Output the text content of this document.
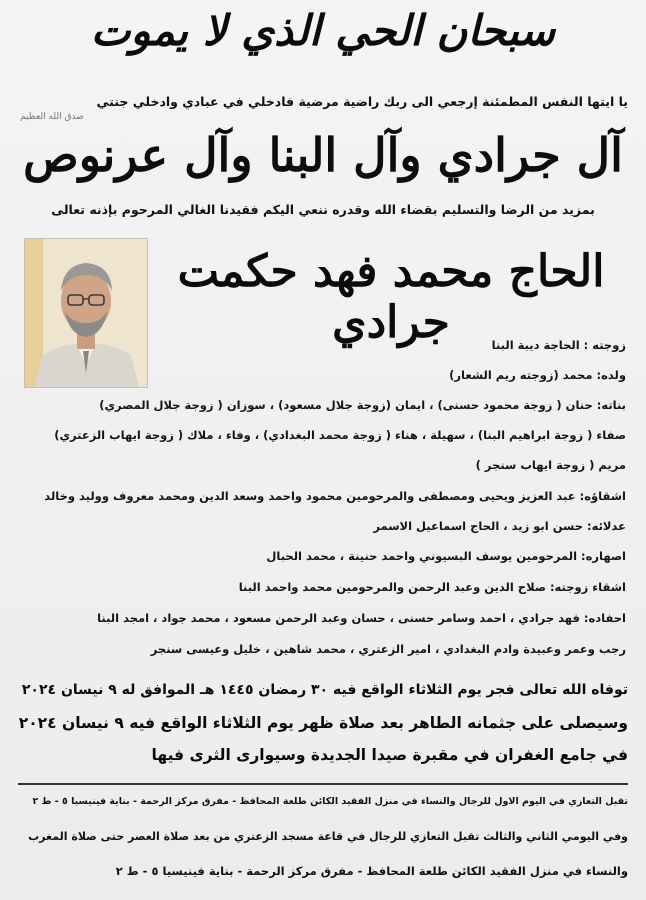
سبحان الحي الذي لا يموت
يا ايتها النفس المطمئنة إرجعي الى ربك راضية مرضية فادخلي في عبادي وادخلي جنتي
صدق الله العظيم
آل جرادي وآل البنا وآل عرنوص
بمزيد من الرضا والتسليم بقضاء الله وقدره ننعي اليكم فقيدنا الغالي المرحوم بإذنه تعالى
الحاج محمد فهد حكمت جرادي	زوجته : الحاجة ديبة البنا
ولده: محمد (زوجته ريم الشعار)
بناته: حنان ( زوجة محمود حسنى) ، ايمان (زوجة جلال مسعود) ، سوزان ( زوجة جلال المصري)
صفاء ( زوجة ابراهيم البنا) ، سهيلة ، هناء ( زوجة محمد البغدادي) ، وفاء ، ملاك ( زوجة ايهاب الزعتري)
مريم ( زوجة ايهاب سنجر )
اشقاؤه: عبد العزيز ويحيى ومصطفى والمرحومين محمود واحمد وسعد الدين ومحمد معروف ووليد وخالد
عدلائه: حسن ابو زيد ، الحاج اسماعيل الاسمر
اصهاره: المرحومين يوسف البسيوني واحمد حنينة ، محمد الحبال
اشقاء زوجته: صلاح الدين وعبد الرحمن والمرحومين محمد واحمد البنا
احفاده: فهد جرادي ، احمد وسامر حسنى ، حسان وعبد الرحمن مسعود ، محمد جواد ، امجد البنا
رجب وعمر وعبيدة وادم البغدادي ، امير الزعتري ، محمد شاهين ، خليل وعيسى سنجر
توفاه الله تعالى فجر يوم الثلاثاء الواقع فيه ٣٠ رمضان ١٤٤٥ هـ الموافق له ٩ نيسان ٢٠٢٤
وسيصلى على جثمانه الطاهر بعد صلاة ظهر يوم الثلاثاء الواقع فيه ٩ نيسان ٢٠٢٤
في جامع الغفران في مقبرة صيدا الجديدة وسيوارى الثرى فيها
تقبل التعازي في اليوم الاول للرجال والنساء في منزل الفقيد الكائن طلعة المحافظ - مفرق مركز الرحمة - بناية فينيسيا ٥ - ط ٢
وفي اليومي الثاني والثالث تقبل التعازي للرجال في قاعة مسجد الزعتري من بعد صلاة العصر حتى صلاة المغرب
والنساء في منزل الفقيد الكائن طلعة المحافظ - مفرق مركز الرحمة - بناية فينيسيا ٥ - ط ٢
